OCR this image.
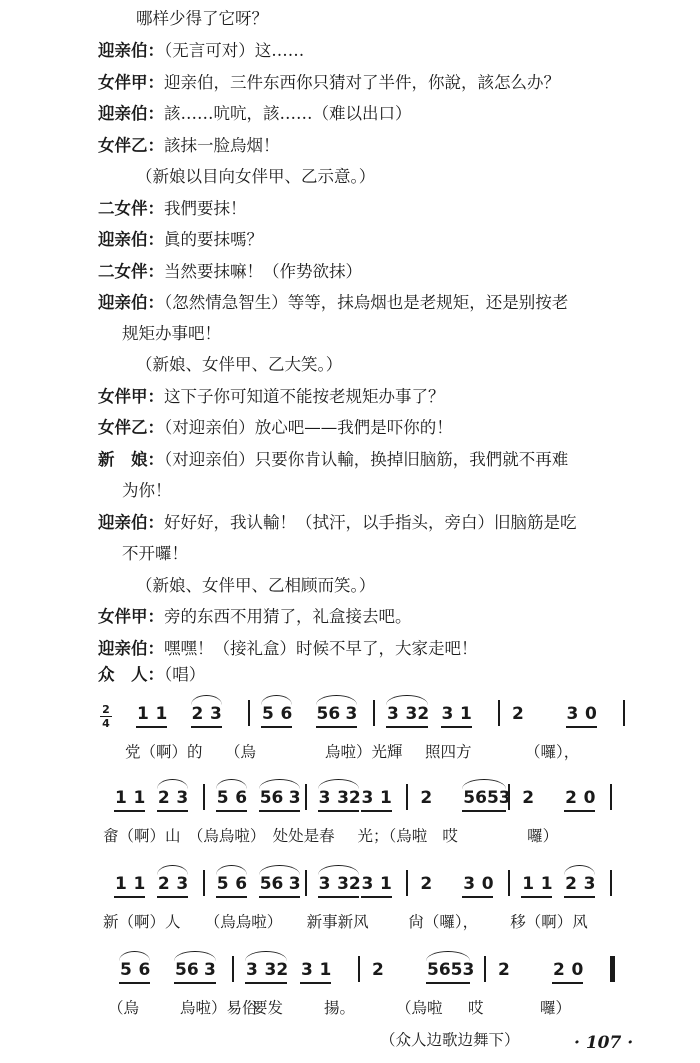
哪样少得了它呀？
迎亲伯：（无言可对）这……
女伴甲：迎亲伯，三件东西你只猜对了半件，你說，該怎么办？
迎亲伯：該……吭吭，該……（难以出口）
女伴乙：該抹一脸烏烟！
（新娘以目向女伴甲、乙示意。）
二女伴：我們要抹！
迎亲伯：眞的要抹嗎？
二女伴：当然要抹嘛！（作势欲抹）
迎亲伯：（忽然情急智生）等等，抹烏烟也是老规矩，还是别按老
规矩办事吧！
（新娘、女伴甲、乙大笑。）
女伴甲：这下子你可知道不能按老规矩办事了？
女伴乙：（对迎亲伯）放心吧——我們是吓你的！
新　娘：（对迎亲伯）只要你肯认輸，换掉旧脑筋，我們就不再难
为你！
迎亲伯：好好好，我认輸！（拭汗，以手指头，旁白）旧脑筋是吃
不开囉！
（新娘、女伴甲、乙相顾而笑。）
女伴甲：旁的东西不用猜了，礼盒接去吧。
迎亲伯：嘿嘿！（接礼盒）时候不早了，大家走吧！
众　人：（唱）
2
4 1 1 2 3 5 6 56 3 3 32 3 1 2	3 0
党（啊）的 （烏	烏啦）光輝 照四方	（囉），
1 1 2 3 5 6 56 3 3 32 3 1 2 5653 2 2 0
畲（啊）山 （烏烏啦） 处处是春 光；（烏啦 哎	囉）
1 1 2 3 5 6 56 3 3 32 3 1 2 3 0 1 1 2 3
新（啊）人 （烏烏啦） 新事新风	尙（囉）， 移（啊）风
5 6 56 3 3 32 3 1 2	5653 2	2 0
（烏	烏啦）易俗
要发	揚。	（烏啦 哎	囉）
（众人边歌边舞下）	· 107 ·
